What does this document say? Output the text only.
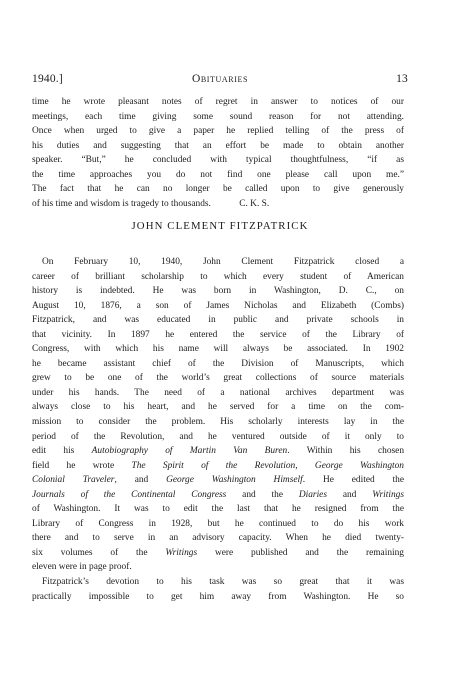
1940.]	Obituaries	13
time he wrote pleasant notes of regret in answer to notices of our
meetings, each time giving some sound reason for not attending.
Once when urged to give a paper he replied telling of the press of
his duties and suggesting that an effort be made to obtain another
speaker. “But,” he concluded with typical thoughtfulness, “if as
the time approaches you do not find one please call upon me.”
The fact that he can no longer be called upon to give generously
of his time and wisdom is tragedy to thousands.	C. K. S.
JOHN CLEMENT FITZPATRICK
On February 10, 1940, John Clement Fitzpatrick closed a
career of brilliant scholarship to which every student of American
history is indebted. He was born in Washington, D. C., on
August 10, 1876, a son of James Nicholas and Elizabeth (Combs)
Fitzpatrick, and was educated in public and private schools in
that vicinity. In 1897 he entered the service of the Library of
Congress, with which his name will always be associated. In 1902
he became assistant chief of the Division of Manuscripts, which
grew to be one of the world’s great collections of source materials
under his hands. The need of a national archives department was
always close to his heart, and he served for a time on the com-
mission to consider the problem. His scholarly interests lay in the
period of the Revolution, and he ventured outside of it only to
edit his Autobiography of Martin Van Buren. Within his chosen
field he wrote The Spirit of the Revolution, George Washington
Colonial Traveler, and George Washington Himself. He edited the
Journals of the Continental Congress and the Diaries and Writings
of Washington. It was to edit the last that he resigned from the
Library of Congress in 1928, but he continued to do his work
there and to serve in an advisory capacity. When he died twenty-
six volumes of the Writings were published and the remaining
eleven were in page proof.
Fitzpatrick’s devotion to his task was so great that it was
practically impossible to get him away from Washington. He so
